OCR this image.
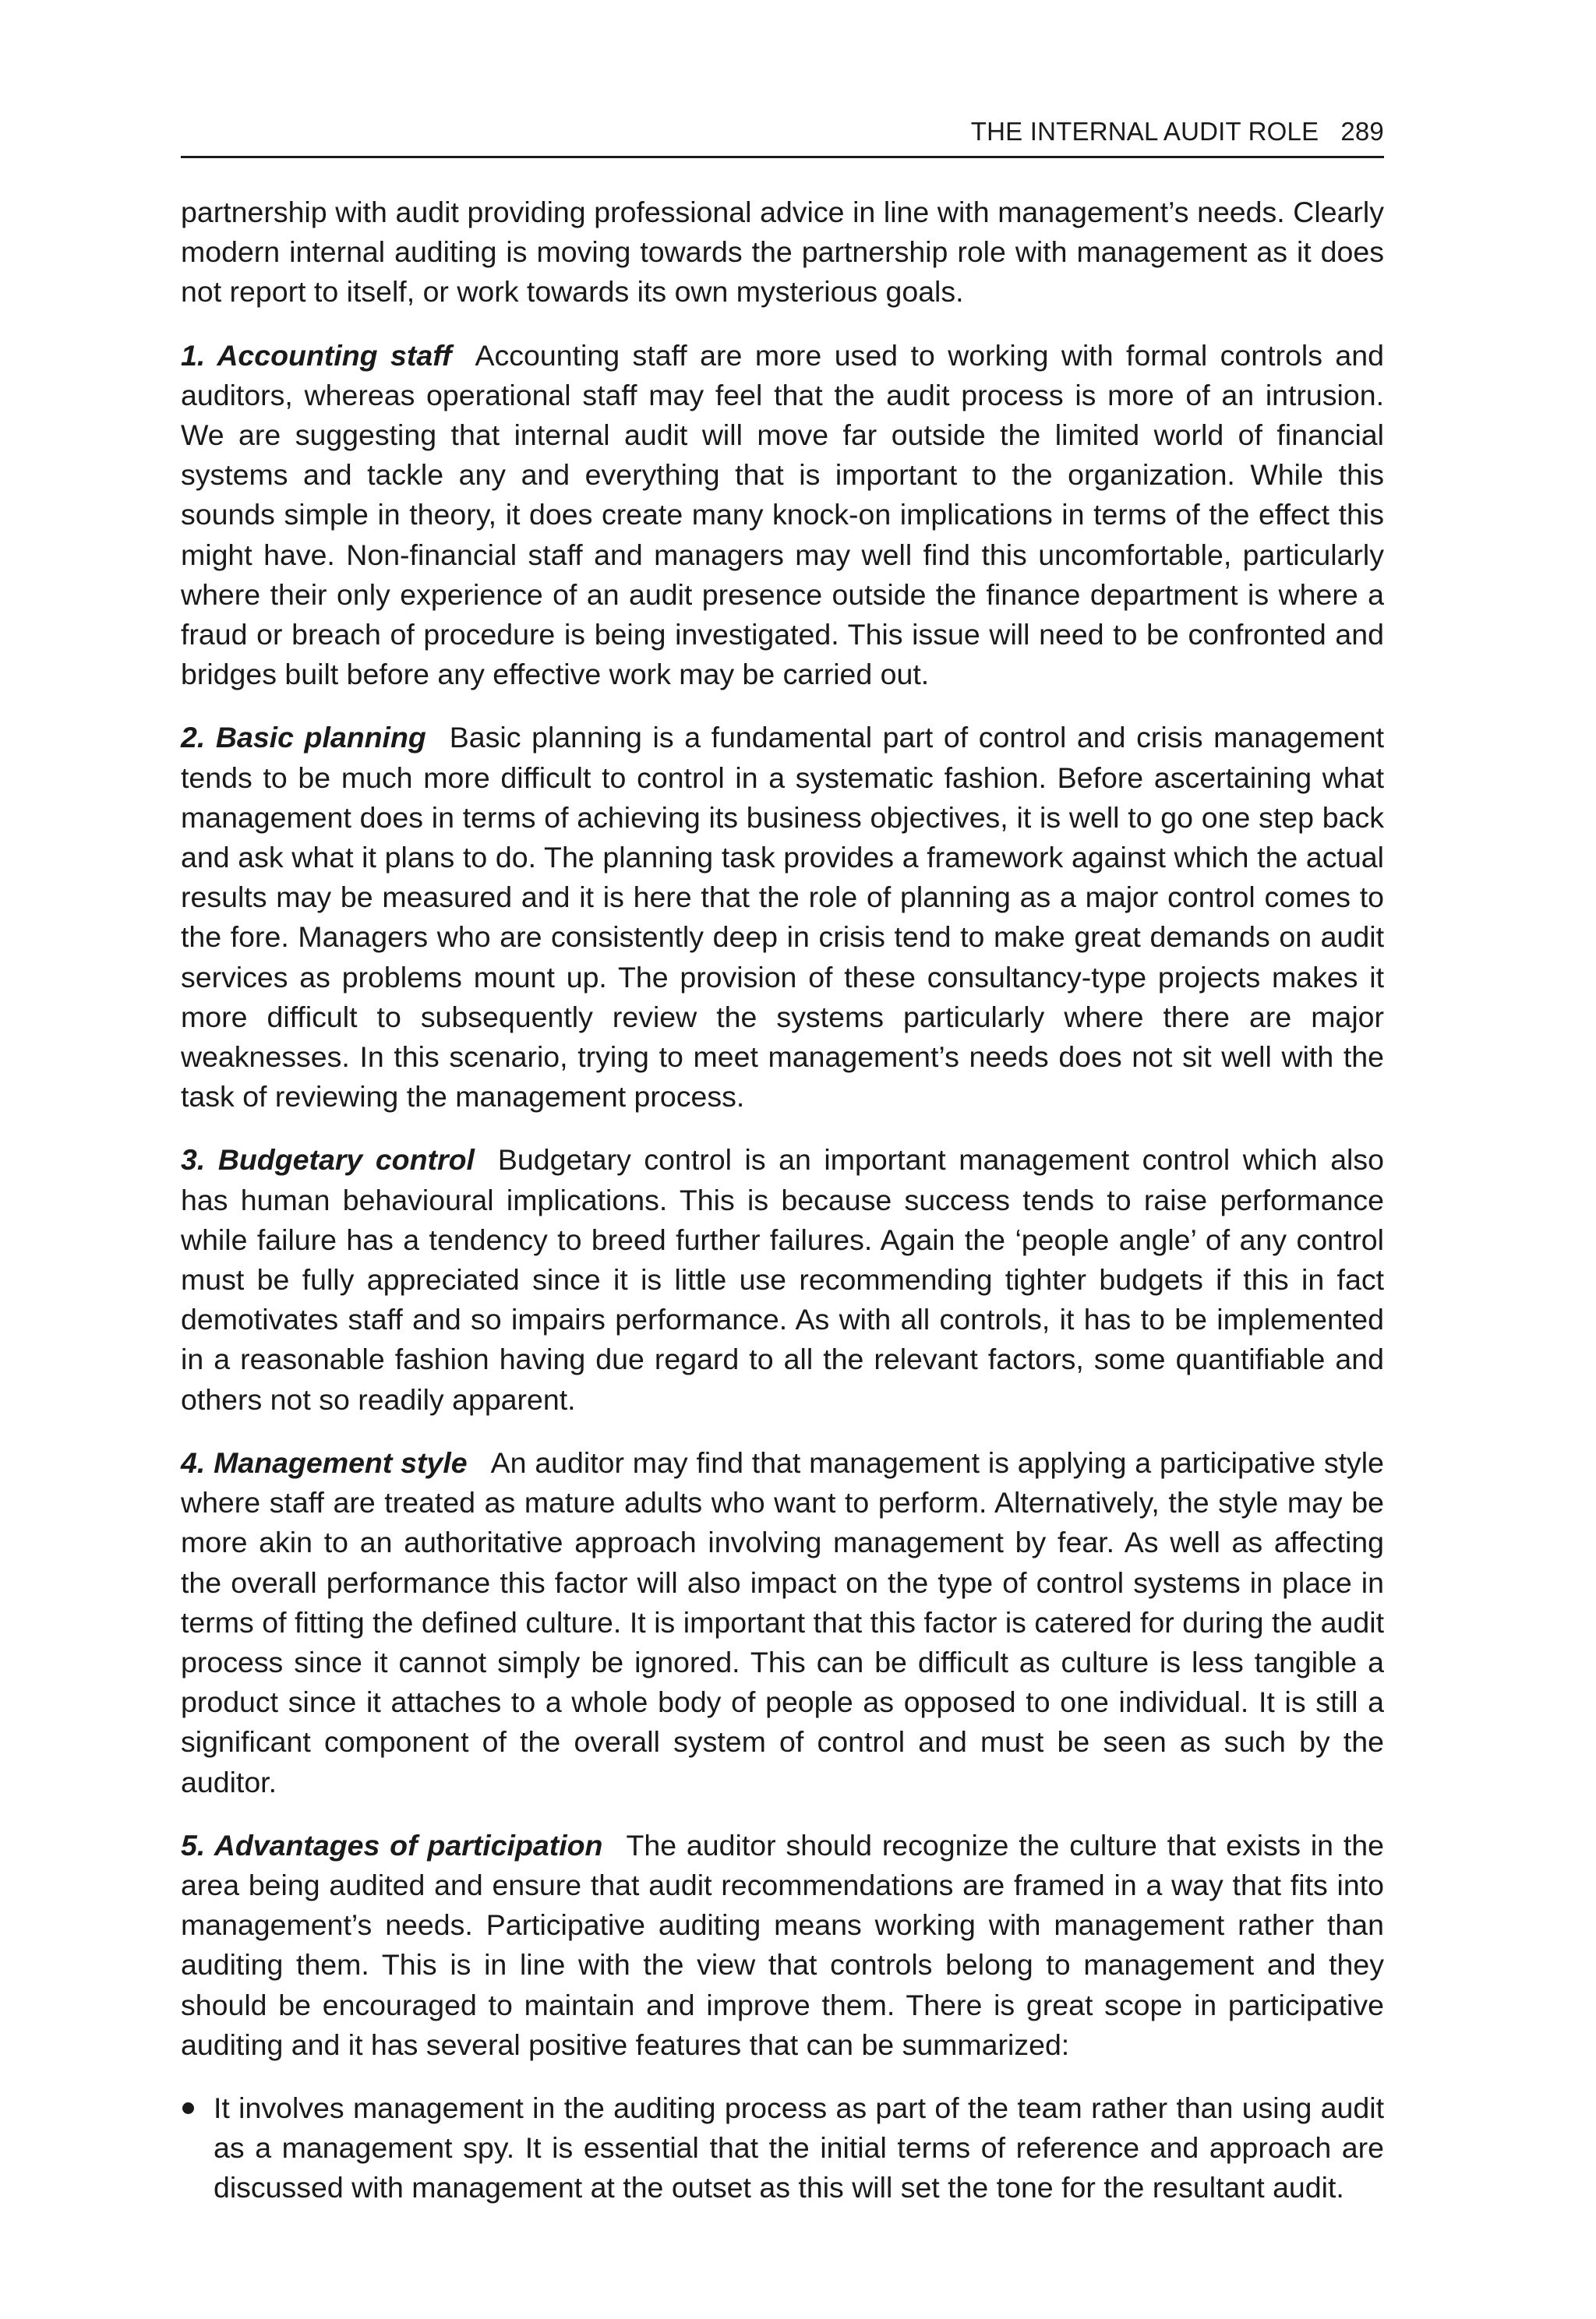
THE INTERNAL AUDIT ROLE 289

partnership with audit providing professional advice in line with management’s needs. Clearly modern internal auditing is moving towards the partnership role with management as it does not report to itself, or work towards its own mysterious goals.

1. Accounting staff Accounting staff are more used to working with formal controls and auditors, whereas operational staff may feel that the audit process is more of an intrusion. We are suggesting that internal audit will move far outside the limited world of financial systems and tackle any and everything that is important to the organization. While this sounds simple in theory, it does create many knock-on implications in terms of the effect this might have. Non-financial staff and managers may well find this uncomfortable, particularly where their only experience of an audit presence outside the finance department is where a fraud or breach of procedure is being investigated. This issue will need to be confronted and bridges built before any effective work may be carried out.

2. Basic planning Basic planning is a fundamental part of control and crisis management tends to be much more difficult to control in a systematic fashion. Before ascertaining what management does in terms of achieving its business objectives, it is well to go one step back and ask what it plans to do. The planning task provides a framework against which the actual results may be measured and it is here that the role of planning as a major control comes to the fore. Managers who are consistently deep in crisis tend to make great demands on audit services as problems mount up. The provision of these consultancy-type projects makes it more difficult to subsequently review the systems particularly where there are major weaknesses. In this scenario, trying to meet management’s needs does not sit well with the task of reviewing the management process.

3. Budgetary control Budgetary control is an important management control which also has human behavioural implications. This is because success tends to raise performance while failure has a tendency to breed further failures. Again the ‘people angle’ of any control must be fully appreciated since it is little use recommending tighter budgets if this in fact demotivates staff and so impairs performance. As with all controls, it has to be implemented in a reasonable fashion having due regard to all the relevant factors, some quantifiable and others not so readily apparent.

4. Management style An auditor may find that management is applying a participative style where staff are treated as mature adults who want to perform. Alternatively, the style may be more akin to an authoritative approach involving management by fear. As well as affecting the overall performance this factor will also impact on the type of control systems in place in terms of fitting the defined culture. It is important that this factor is catered for during the audit process since it cannot simply be ignored. This can be difficult as culture is less tangible a product since it attaches to a whole body of people as opposed to one individual. It is still a significant component of the overall system of control and must be seen as such by the auditor.

5. Advantages of participation The auditor should recognize the culture that exists in the area being audited and ensure that audit recommendations are framed in a way that fits into management’s needs. Participative auditing means working with management rather than auditing them. This is in line with the view that controls belong to management and they should be encouraged to maintain and improve them. There is great scope in participative auditing and it has several positive features that can be summarized:

It involves management in the auditing process as part of the team rather than using audit as a management spy. It is essential that the initial terms of reference and approach are discussed with management at the outset as this will set the tone for the resultant audit.
